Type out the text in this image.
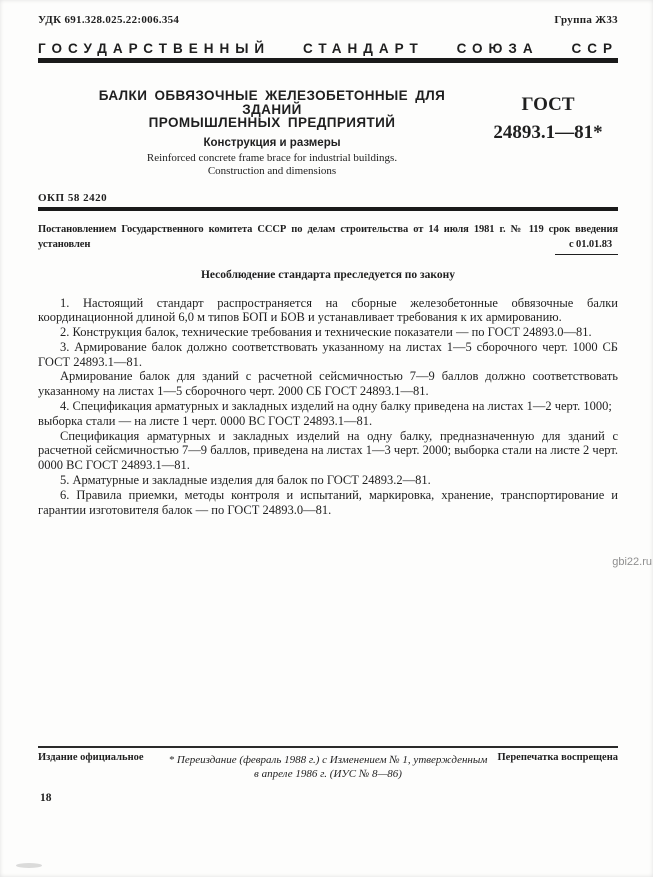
УДК 691.328.025.22:006.354	Группа Ж33
ГОСУДАРСТВЕННЫЙ СТАНДАРТ СОЮЗА ССР
БАЛКИ ОБВЯЗОЧНЫЕ ЖЕЛЕЗОБЕТОННЫЕ ДЛЯ ЗДАНИЙ
ПРОМЫШЛЕННЫХ ПРЕДПРИЯТИЙ
Конструкция и размеры
Reinforced concrete frame brace for industrial buildings.
Construction and dimensions
ГОСТ
24893.1—81*
ОКП 58 2420
Постановлением Государственного комитета СССР по делам строительства от 14 июля 1981 г. № 119 срок введения
установлен	с 01.01.83
Несоблюдение стандарта преследуется по закону

1. Настоящий стандарт распространяется на сборные железобетонные обвязочные балки координационной длиной 6,0 м типов БОП и БОВ и устанавливает требования к их армированию.

2. Конструкция балок, технические требования и технические показатели — по ГОСТ 24893.0—81.

3. Армирование балок должно соответствовать указанному на листах 1—5 сборочного черт. 1000 СБ ГОСТ 24893.1—81.

Армирование балок для зданий с расчетной сейсмичностью 7—9 баллов должно соответствовать указанному на листах 1—5 сборочного черт. 2000 СБ ГОСТ 24893.1—81.

4. Спецификация арматурных и закладных изделий на одну балку приведена на листах 1—2 черт. 1000;

выборка стали — на листе 1 черт. 0000 ВС ГОСТ 24893.1—81.

Спецификация арматурных и закладных изделий на одну балку, предназначенную для зданий с расчетной сейсмичностью 7—9 баллов, приведена на листах 1—3 черт. 2000; выборка стали на листе 2 черт. 0000 ВС ГОСТ 24893.1—81.

5. Арматурные и закладные изделия для балок по ГОСТ 24893.2—81.

6. Правила приемки, методы контроля и испытаний, маркировка, хранение, транспортирование и гарантии изготовителя балок — по ГОСТ 24893.0—81.

Издание официальное	Перепечатка воспрещена
* Переиздание (февраль 1988 г.) с Изменением № 1, утвержденным в апреле 1986 г. (ИУС № 8—86)
18
gbi22.ru
